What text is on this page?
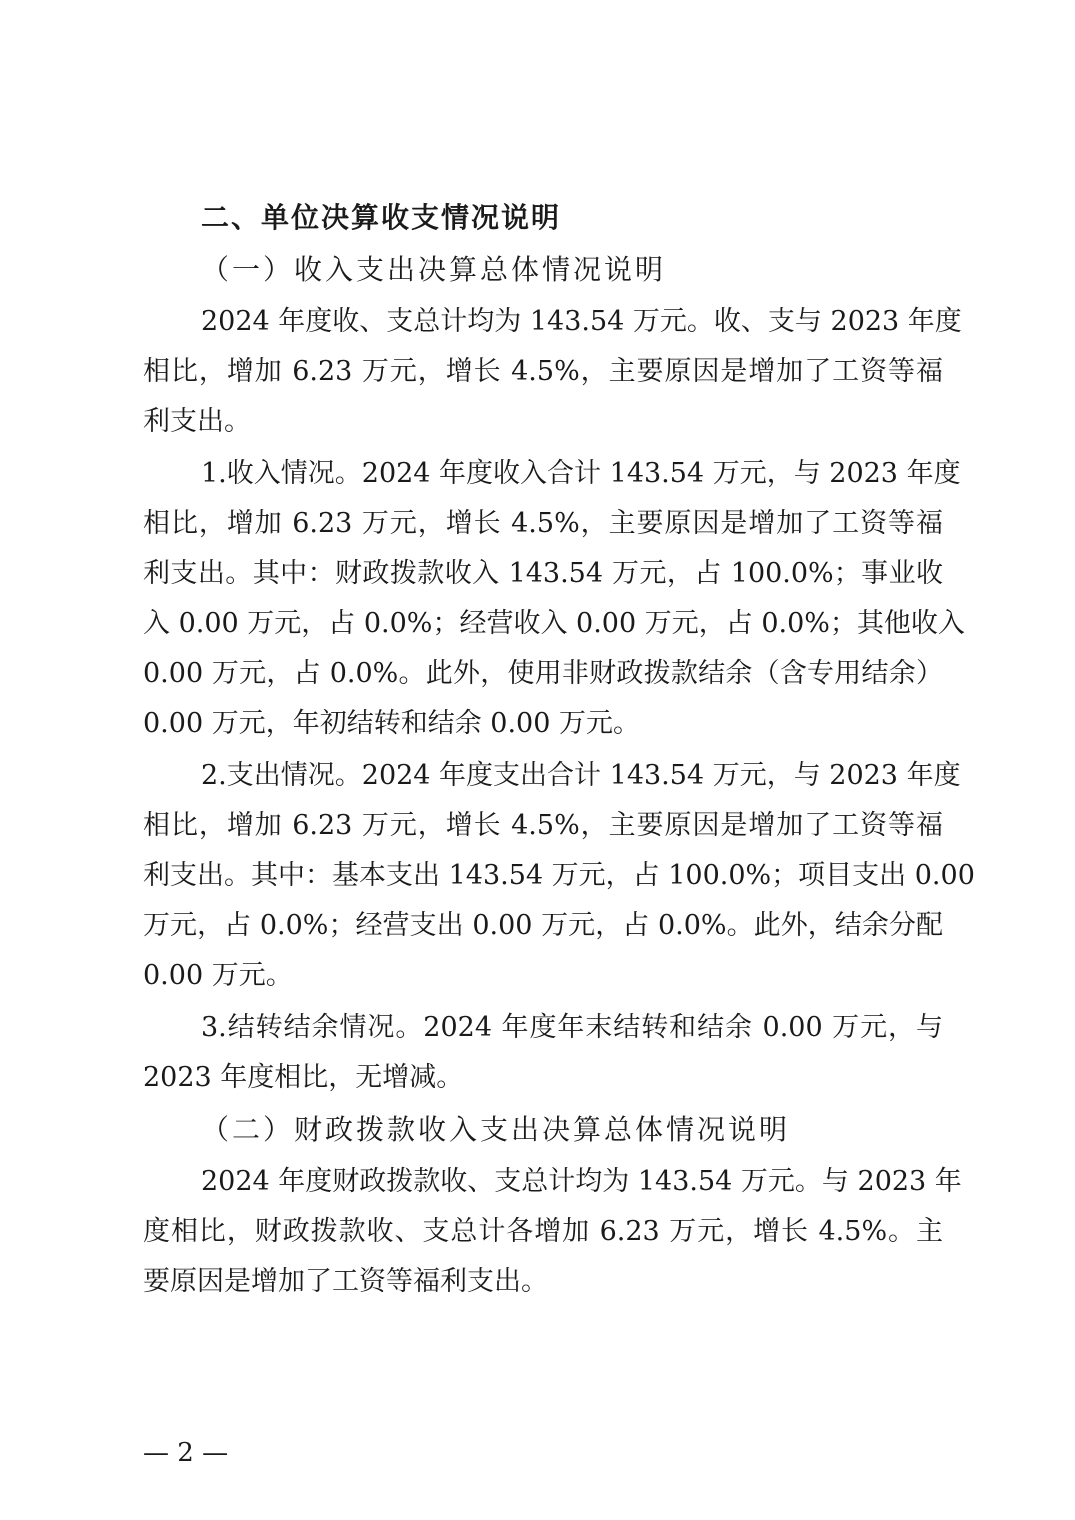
二、单位决算收支情况说明
（一）收入支出决算总体情况说明
2024 年度收、支总计均为 143.54 万元。收、支与 2023 年度
相比，增加 6.23 万元，增长 4.5%，主要原因是增加了工资等福
利支出。
1.收入情况。2024 年度收入合计 143.54 万元，与 2023 年度
相比，增加 6.23 万元，增长 4.5%，主要原因是增加了工资等福
利支出。其中：财政拨款收入 143.54 万元，占 100.0%；事业收
入 0.00 万元，占 0.0%；经营收入 0.00 万元，占 0.0%；其他收入
0.00 万元，占 0.0%。此外，使用非财政拨款结余（含专用结余）
0.00 万元，年初结转和结余 0.00 万元。
2.支出情况。2024 年度支出合计 143.54 万元，与 2023 年度
相比，增加 6.23 万元，增长 4.5%，主要原因是增加了工资等福
利支出。其中：基本支出 143.54 万元，占 100.0%；项目支出 0.00
万元，占 0.0%；经营支出 0.00 万元，占 0.0%。此外，结余分配
0.00 万元。
3.结转结余情况。2024 年度年末结转和结余 0.00 万元，与
2023 年度相比，无增减。
（二）财政拨款收入支出决算总体情况说明
2024 年度财政拨款收、支总计均为 143.54 万元。与 2023 年
度相比，财政拨款收、支总计各增加 6.23 万元，增长 4.5%。主
要原因是增加了工资等福利支出。
— 2 —
